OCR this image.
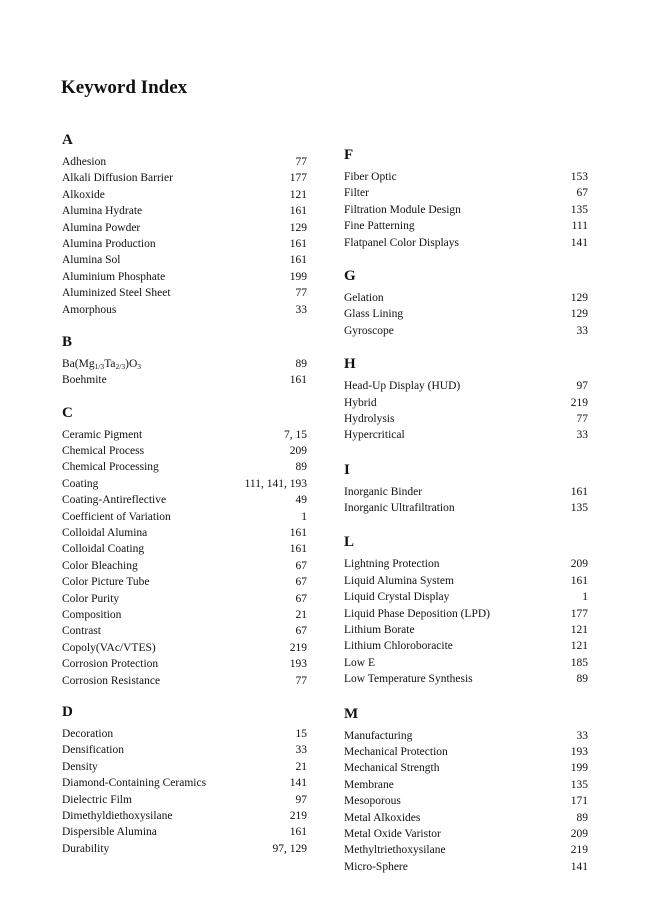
Keyword Index
A
Adhesion	77
Alkali Diffusion Barrier	177
Alkoxide	121
Alumina Hydrate	161
Alumina Powder	129
Alumina Production	161
Alumina Sol	161
Aluminium Phosphate	199
Aluminized Steel Sheet	77
Amorphous	33
B
$Ba(Mg_{1/3}Ta_{2/3})O_3$	89
Boehmite	161
C
Ceramic Pigment	7, 15
Chemical Process	209
Chemical Processing	89
Coating	111, 141, 193
Coating-Antireflective	49
Coefficient of Variation	1
Colloidal Alumina	161
Colloidal Coating	161
Color Bleaching	67
Color Picture Tube	67
Color Purity	67
Composition	21
Contrast	67
Copoly(VAc/VTES)	219
Corrosion Protection	193
Corrosion Resistance	77
D
Decoration	15
Densification	33
Density	21
Diamond-Containing Ceramics	141
Dielectric Film	97
Dimethyldiethoxysilane	219
Dispersible Alumina	161
Durability	97, 129
F
Fiber Optic	153
Filter	67
Filtration Module Design	135
Fine Patterning	111
Flatpanel Color Displays	141
G
Gelation	129
Glass Lining	129
Gyroscope	33
H
Head-Up Display (HUD)	97
Hybrid	219
Hydrolysis	77
Hypercritical	33
I
Inorganic Binder	161
Inorganic Ultrafiltration	135
L
Lightning Protection	209
Liquid Alumina System	161
Liquid Crystal Display	1
Liquid Phase Deposition (LPD)	177
Lithium Borate	121
Lithium Chloroboracite	121
Low E	185
Low Temperature Synthesis	89
M
Manufacturing	33
Mechanical Protection	193
Mechanical Strength	199
Membrane	135
Mesoporous	171
Metal Alkoxides	89
Metal Oxide Varistor	209
Methyltriethoxysilane	219
Micro-Sphere	141
